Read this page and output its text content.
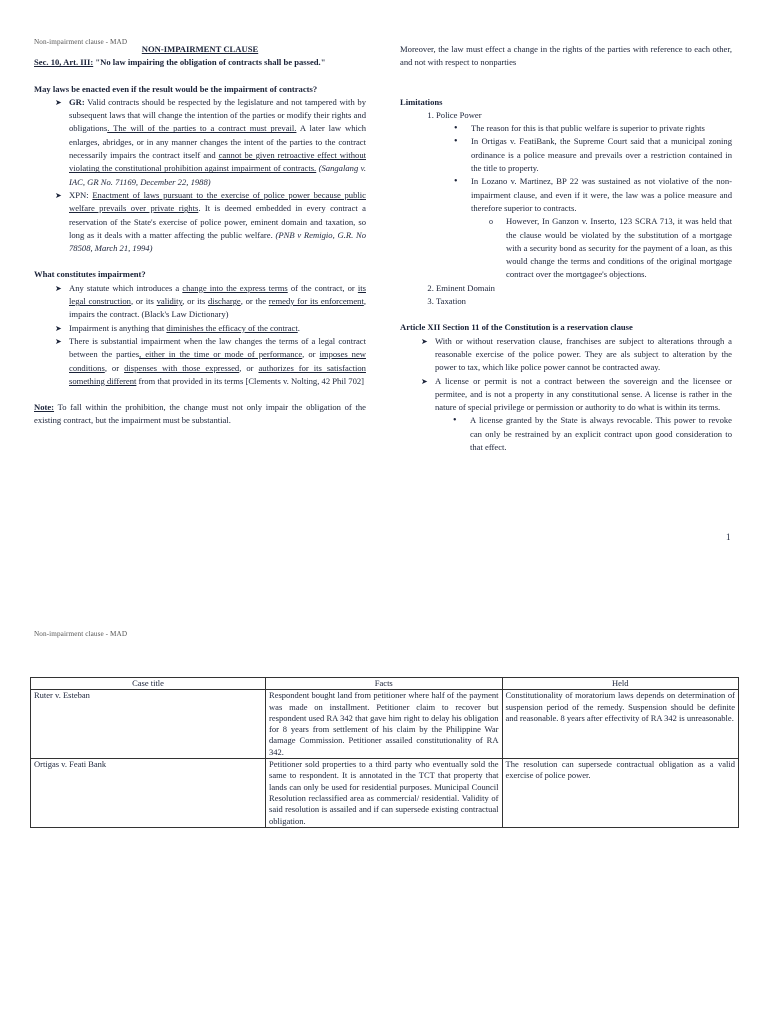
Non-impairment clause - MAD

NON-IMPAIRMENT CLAUSE

Sec. 10, Art. III: "No law impairing the obligation of contracts shall be passed."

May laws be enacted even if the result would be the impairment of contracts?

➤ GR: Valid contracts should be respected by the legislature and not tampered with by subsequent laws that will change the intention of the parties or modify their rights and obligations. The will of the parties to a contract must prevail. A later law which enlarges, abridges, or in any manner changes the intent of the parties to the contract necessarily impairs the contract itself and cannot be given retroactive effect without violating the constitutional prohibition against impairment of contracts. (Sangalang v. IAC, GR No. 71169, December 22, 1988)
➤ XPN: Enactment of laws pursuant to the exercise of police power because public welfare prevails over private rights. It is deemed embedded in every contract a reservation of the State's exercise of police power, eminent domain and taxation, so long as it deals with a matter affecting the public welfare. (PNB v Remigio, G.R. No 78508, March 21, 1994)

What constitutes impairment?

➤ Any statute which introduces a change into the express terms of the contract, or its legal construction, or its validity, or its discharge, or the remedy for its enforcement, impairs the contract. (Black's Law Dictionary)
➤ Impairment is anything that diminishes the efficacy of the contract.
➤ There is substantial impairment when the law changes the terms of a legal contract between the parties, either in the time or mode of performance, or imposes new conditions, or dispenses with those expressed, or authorizes for its satisfaction something different from that provided in its terms [Clements v. Nolting, 42 Phil 702]

Note: To fall within the prohibition, the change must not only impair the obligation of the existing contract, but the impairment must be substantial.

Moreover, the law must effect a change in the rights of the parties with reference to each other, and not with respect to nonparties

Limitations

1. Police Power
• The reason for this is that public welfare is superior to private rights
• In Ortigas v. FeatiBank, the Supreme Court said that a municipal zoning ordinance is a police measure and prevails over a restriction contained in the title to property.
• In Lozano v. Martinez, BP 22 was sustained as not violative of the non-impairment clause, and even if it were, the law was a police measure and therefore superior to contracts.
o However, In Ganzon v. Inserto, 123 SCRA 713, it was held that the clause would be violated by the substitution of a mortgage with a security bond as security for the payment of a loan, as this would change the terms and conditions of the original mortgage contract over the mortgagee's objections.
2. Eminent Domain
3. Taxation

Article XII Section 11 of the Constitution is a reservation clause

➤ With or without reservation clause, franchises are subject to alterations through a reasonable exercise of the police power. They are als subject to alteration by the power to tax, which like police power cannot be contracted away.
➤ A license or permit is not a contract between the sovereign and the licensee or permitee, and is not a property in any constitutional sense. A license is rather in the nature of special privilege or permission or authority to do what is within its terms.
• A license granted by the State is always revocable. This power to revoke can only be restrained by an explicit contract upon good consideration to that effect.
1
Non-impairment clause - MAD
Case title	Facts	Held
Ruter v. Esteban	Respondent bought land from petitioner where half of the payment was made on installment. Petitioner claim to recover but respondent used RA 342 that gave him right to delay his obligation for 8 years from settlement of his claim by the Philippine War damage Commission. Petitioner assailed constitutionality of RA 342.	Constitutionality of moratorium laws depends on determination of suspension period of the remedy. Suspension should be definite and reasonable. 8 years after effectivity of RA 342 is unreasonable.
Ortigas v. Feati Bank	Petitioner sold properties to a third party who eventually sold the same to respondent. It is annotated in the TCT that property that lands can only be used for residential purposes. Municipal Council Resolution reclassified area as commercial/ residential. Validity of said resolution is assailed and if can supersede existing contractual obligation.	The resolution can supersede contractual obligation as a valid exercise of police power.
